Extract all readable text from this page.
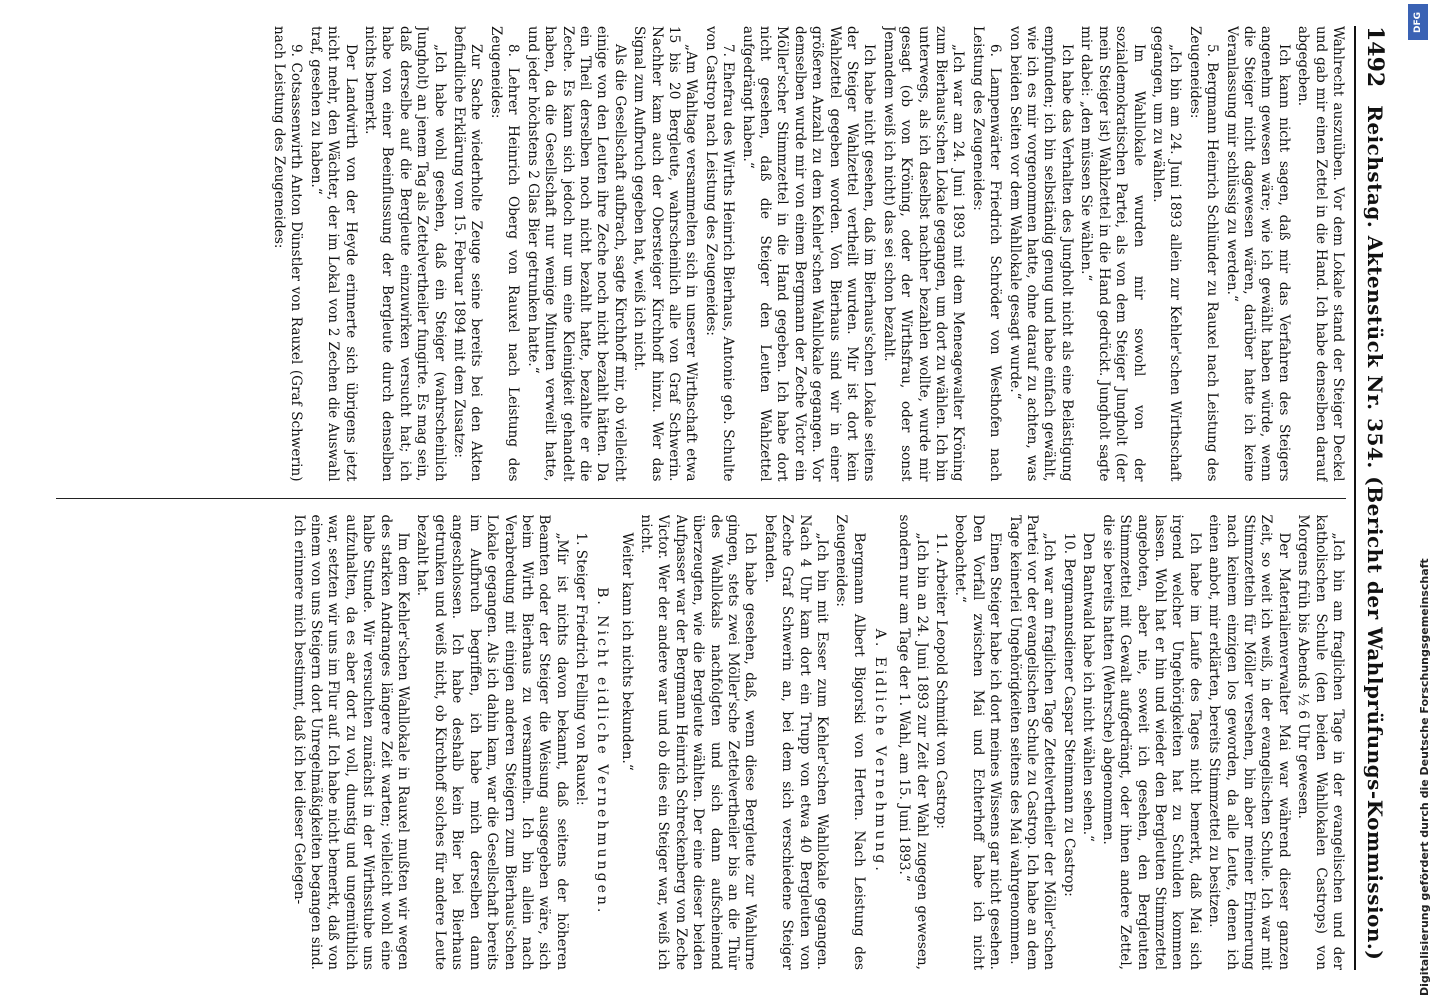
1492
Reichstag. Aktenstück Nr. 354. (Bericht der Wahlprüfungs-Kommission.)

Wahlrecht auszuüben. Vor dem Lokale stand der Steiger Deckel und gab mir einen Zettel in die Hand. Ich habe denselben darauf abgegeben.

Ich kann nicht sagen, daß mir das Verfahren des Steigers angenehm gewesen wäre; wie ich gewählt haben würde, wenn die Steiger nicht dagewesen wären, darüber hatte ich keine Veranlassung mir schlüssig zu werden.“

5. Bergmann Heinrich Schlünder zu Rauxel nach Leistung des Zeugeneides:

„Ich bin am 24. Juni 1893 allein zur Kehler'schen Wirthschaft gegangen, um zu wählen.

Im Wahllokale wurden mir sowohl von der sozialdemokratischen Partei, als von dem Steiger Jungholt (der mein Steiger ist) Wahlzettel in die Hand gedrückt. Jungholt sagte mir dabei: „den müssen Sie wählen.“

Ich habe das Verhalten des Jungholt nicht als eine Belästigung empfunden; ich bin selbständig genug und habe einfach gewählt, wie ich es mir vorgenommen hatte, ohne darauf zu achten, was von beiden Seiten vor dem Wahllokale gesagt wurde.“

6. Lampenwärter Friedrich Schröder von Westhofen nach Leistung des Zeugeneides:

„Ich war am 24. Juni 1893 mit dem Meneagewalter Kröning zum Bierhaus'schen Lokale gegangen, um dort zu wählen. Ich bin unterwegs, als ich daselbst nachher bezahlen wollte, wurde mir gesagt (ob von Kröning, oder der Wirthsfrau, oder sonst Jemandem weiß ich nicht) das sei schon bezahlt.

Ich habe nicht gesehen, daß im Bierhaus'schen Lokale seitens der Steiger Wahlzettel vertheilt wurden. Mir ist dort kein Wahlzettel gegeben worden. Von Bierhaus sind wir in einer größeren Anzahl zu dem Kehler'schen Wahllokale gegangen. Vor demselben wurde mir von einem Bergmann der Zeche Victor ein Möller'scher Stimmzettel in die Hand gegeben. Ich habe dort nicht gesehen, daß die Steiger den Leuten Wahlzettel aufgedrängt haben.“

7. Ehefrau des Wirths Heinrich Bierhaus, Antonie geb. Schulte von Castrop nach Leistung des Zeugeneides:

„Am Wahltage versammelten sich in unserer Wirthschaft etwa 15 bis 20 Bergleute, wahrscheinlich alle von Graf Schwerin. Nachher kam auch der Obersteiger Kirchhoff hinzu. Wer das Signal zum Aufbruch gegeben hat, weiß ich nicht.

Als die Gesellschaft aufbrach, sagte Kirchhoff mir, ob vielleicht einige von den Leuten ihre Zeche noch nicht bezahlt hätten. Da ein Theil derselben noch nicht bezahlt hatte, bezahlte er die Zeche. Es kann sich jedoch nur um eine Kleinigkeit gehandelt haben, da die Gesellschaft nur wenige Minuten verweilt hatte, und jeder höchstens 2 Glas Bier getrunken hatte.“

8. Lehrer Heinrich Oberg von Rauxel nach Leistung des Zeugeneides:

Zur Sache wiederholte Zeuge seine bereits bei den Akten befindliche Erklärung vom 15. Februar 1894 mit dem Zusatze:

„Ich habe wohl gesehen, daß ein Steiger (wahrscheinlich Jungholt) an jenem Tag als Zettelvertheiler fungirte. Es mag sein, daß derselbe auf die Bergleute einzuwirken versucht hat; ich habe von einer Beeinflussung der Bergleute durch denselben nichts bemerkt.

Der Landwirth von der Heyde erinnerte sich übrigens jetzt nicht mehr, den Wächter, der im Lokal von 2 Zechen die Auswahl traf, gesehen zu haben.“

9. Cotsassenwirth Anton Dünstler von Rauxel (Graf Schwerin) nach Leistung des Zeugeneides:

„Ich bin am fraglichen Tage in der evangelischen und der katholischen Schule (den beiden Wahllokalen Castrops) von Morgens früh bis Abends ½ 6 Uhr gewesen.

Der Materialienverwalter Mai war während dieser ganzen Zeit, so weit ich weiß, in der evangelischen Schule. Ich war mit Stimmzetteln für Möller versehen, bin aber meiner Erinnerung nach keinem einzigen los geworden, da alle Leute, denen ich einen anbot, mir erklärten, bereits Stimmzettel zu besitzen.

Ich habe im Laufe des Tages nicht bemerkt, daß Mai sich irgend welcher Ungehörigkeiten hat zu Schulden kommen lassen. Wohl hat er hin und wieder den Bergleuten Stimmzettel angeboten, aber nie, soweit ich gesehen, den Bergleuten Stimmzettel mit Gewalt aufgedrängt, oder ihnen andere Zettel, die sie bereits hatten (Wehrsche) abgenommen.

Den Bantwald habe ich nicht wählen sehen.“

10. Bergmannsdiener Caspar Steinmann zu Castrop:

„Ich war am fraglichen Tage Zettelvertheiler der Möller'schen Partei vor der evangelischen Schule zu Castrop. Ich habe an dem Tage keinerlei Ungehörigkeiten seitens des Mai wahrgenommen.

Einen Steiger habe ich dort meines Wissens gar nicht gesehen. Den Vorfall zwischen Mai und Echterhoff habe ich nicht beobachtet.“

11. Arbeiter Leopold Schmidt von Castrop:

„Ich bin an 24. Juni 1893 zur Zeit der Wahl zugegen gewesen, sondern nur am Tage der 1. Wahl, am 15. Juni 1893.“

A. Eidliche Vernehmung.

Bergmann Albert Bigorski von Herten. Nach Leistung des Zeugeneides:

„Ich bin mit Esser zum Kehler'schen Wahllokale gegangen. Nach 4 Uhr kam dort ein Trupp von etwa 40 Bergleuten von Zeche Graf Schwerin an, bei dem sich verschiedene Steiger befanden.

Ich habe gesehen, daß, wenn diese Bergleute zur Wahlurne gingen, stets zwei Möller'sche Zettelvertheiler bis an die Thür des Wahllokals nachfolgten und sich dann aufscheinend überzeugten, wie die Bergleute wählten. Der eine dieser beiden Aufpasser war der Bergmann Heinrich Schreckenberg von Zeche Victor. Wer der andere war und ob dies ein Steiger war, weiß ich nicht.

Weiter kann ich nichts bekunden.“

B. Nicht eidliche Vernehmungen.

1. Steiger Friedrich Felling von Rauxel:

„Mir ist nichts davon bekannt, daß seitens der höheren Beamten oder der Steiger die Weisung ausgegeben wäre, sich beim Wirth Bierhaus zu versammeln. Ich bin allein nach Verabredung mit einigen anderen Steigern zum Bierhaus'schen Lokale gegangen. Als ich dahin kam, war die Gesellschaft bereits im Aufbruch begriffen, ich habe mich derselben dann angeschlossen. Ich habe deshalb kein Bier bei Bierhaus getrunken und weiß nicht, ob Kirchhoff solches für andere Leute bezahlt hat.

Im dem Kehler'schen Wahllokale in Rauxel mußten wir wegen des starken Andranges längere Zeit warten; vielleicht wohl eine halbe Stunde. Wir versuchten zunächst in der Wirthsstube uns aufzuhalten, da es aber dort zu voll, dunstig und ungemüthlich war, setzten wir uns im Flur auf. Ich habe nicht bemerkt, daß von einem von uns Steigern dort Unregelmäßigkeiten begangen sind. Ich erinnere mich bestimmt, daß ich bei dieser Gelegen-

DFG
Digitalisierung gefördert durch die Deutsche Forschungsgemeinschaft
